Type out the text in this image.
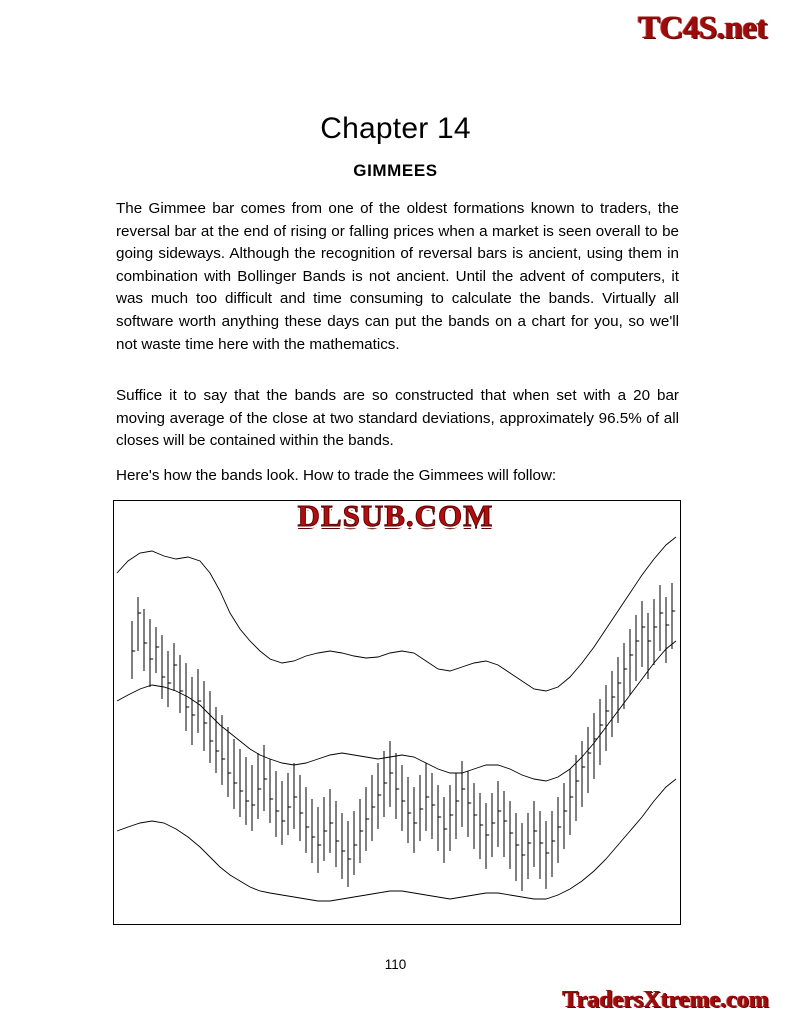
TC4S.net
Chapter 14
GIMMEES

The Gimmee bar comes from one of the oldest formations known to traders, the reversal bar at the end of rising or falling prices when a market is seen overall to be going sideways. Although the recognition of reversal bars is ancient, using them in combination with Bollinger Bands is not ancient. Until the advent of computers, it was much too difficult and time consuming to calculate the bands. Virtually all software worth anything these days can put the bands on a chart for you, so we'll not waste time here with the mathematics.

Suffice it to say that the bands are so constructed that when set with a 20 bar moving average of the close at two standard deviations, approximately 96.5% of all closes will be contained within the bands.

Here's how the bands look. How to trade the Gimmees will follow:

DLSUB.COM
110
TradersXtreme.com
